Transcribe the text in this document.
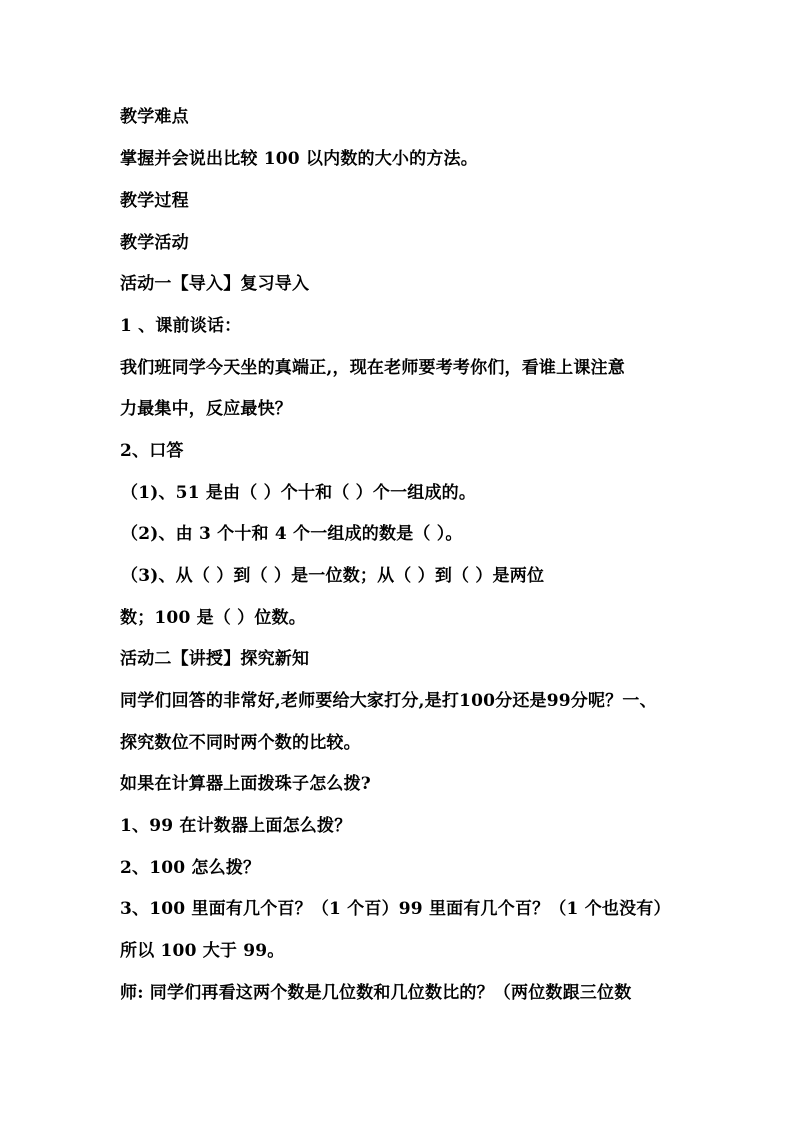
教学难点
掌握并会说出比较 100 以内数的大小的方法。
教学过程
教学活动
活动一【导入】复习导入
1 、课前谈话：
我们班同学今天坐的真端正,，现在老师要考考你们，看谁上课注意
力最集中，反应最快？
2、口答
（1)、51 是由（ ）个十和（ ）个一组成的。
（2)、由 3 个十和 4 个一组成的数是（ ）。
（3)、从（ ）到（ ）是一位数；从（ ）到（ ）是两位
数；100 是（ ）位数。
活动二【讲授】探究新知
同学们回答的非常好,老师要给大家打分,是打100分还是99分呢？一、
探究数位不同时两个数的比较。
如果在计算器上面拨珠子怎么拨?
1、99 在计数器上面怎么拨？
2、100 怎么拨？
3、100 里面有几个百？（1 个百）99 里面有几个百？（1 个也没有）
所以 100 大于 99。
师: 同学们再看这两个数是几位数和几位数比的？（两位数跟三位数
